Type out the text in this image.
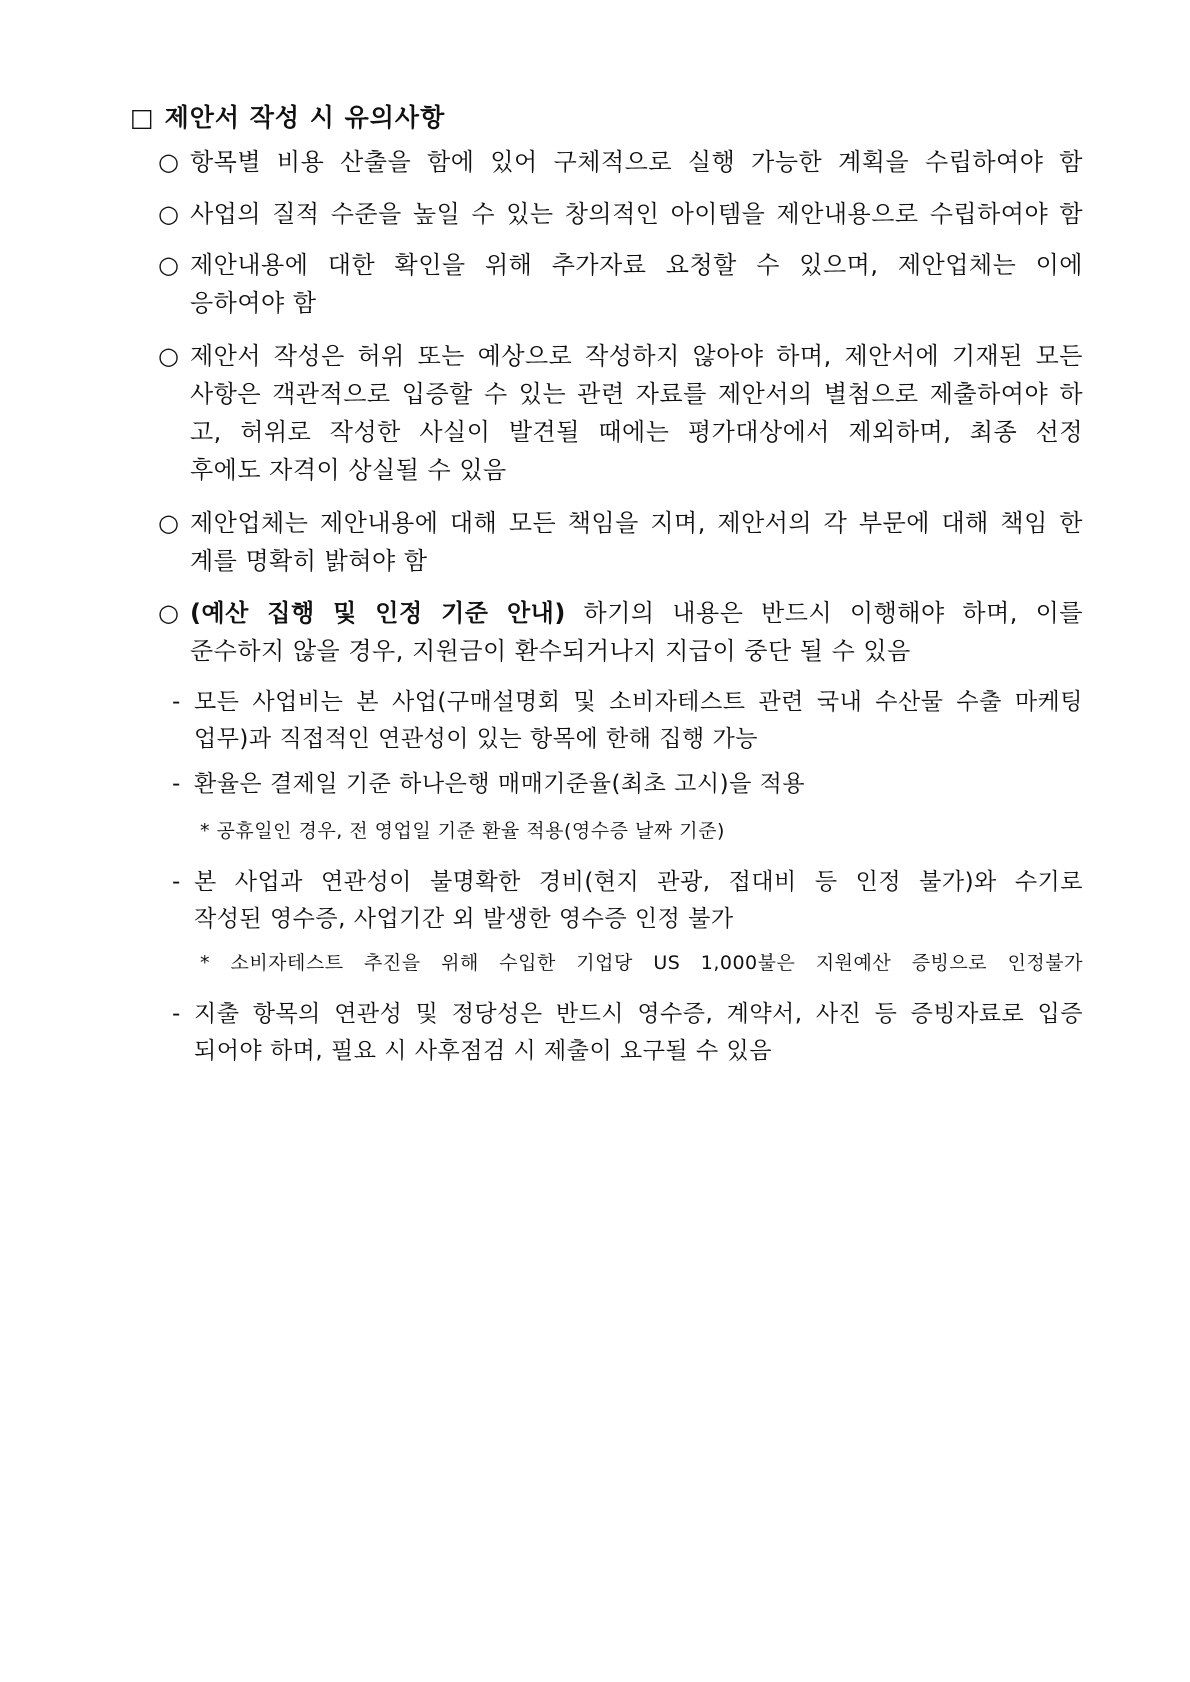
□ 제안서 작성 시 유의사항
○ 항목별 비용 산출을 함에 있어 구체적으로 실행 가능한 계획을 수립하여야 함
○ 사업의 질적 수준을 높일 수 있는 창의적인 아이템을 제안내용으로 수립하여야 함
○ 제안내용에 대한 확인을 위해 추가자료 요청할 수 있으며, 제안업체는 이에
응하여야 함
○ 제안서 작성은 허위 또는 예상으로 작성하지 않아야 하며, 제안서에 기재된 모든
사항은 객관적으로 입증할 수 있는 관련 자료를 제안서의 별첨으로 제출하여야 하
고, 허위로 작성한 사실이 발견될 때에는 평가대상에서 제외하며, 최종 선정
후에도 자격이 상실될 수 있음
○ 제안업체는 제안내용에 대해 모든 책임을 지며, 제안서의 각 부문에 대해 책임 한
계를 명확히 밝혀야 함
○ (예산 집행 및 인정 기준 안내) 하기의 내용은 반드시 이행해야 하며, 이를
준수하지 않을 경우, 지원금이 환수되거나지 지급이 중단 될 수 있음
- 모든 사업비는 본 사업(구매설명회 및 소비자테스트 관련 국내 수산물 수출 마케팅
업무)과 직접적인 연관성이 있는 항목에 한해 집행 가능
- 환율은 결제일 기준 하나은행 매매기준율(최초 고시)을 적용
* 공휴일인 경우, 전 영업일 기준 환율 적용(영수증 날짜 기준)
- 본 사업과 연관성이 불명확한 경비(현지 관광, 접대비 등 인정 불가)와 수기로
작성된 영수증, 사업기간 외 발생한 영수증 인정 불가
* 소비자테스트 추진을 위해 수입한 기업당 US 1,000불은 지원예산 증빙으로 인정불가
- 지출 항목의 연관성 및 정당성은 반드시 영수증, 계약서, 사진 등 증빙자료로 입증
되어야 하며, 필요 시 사후점검 시 제출이 요구될 수 있음
